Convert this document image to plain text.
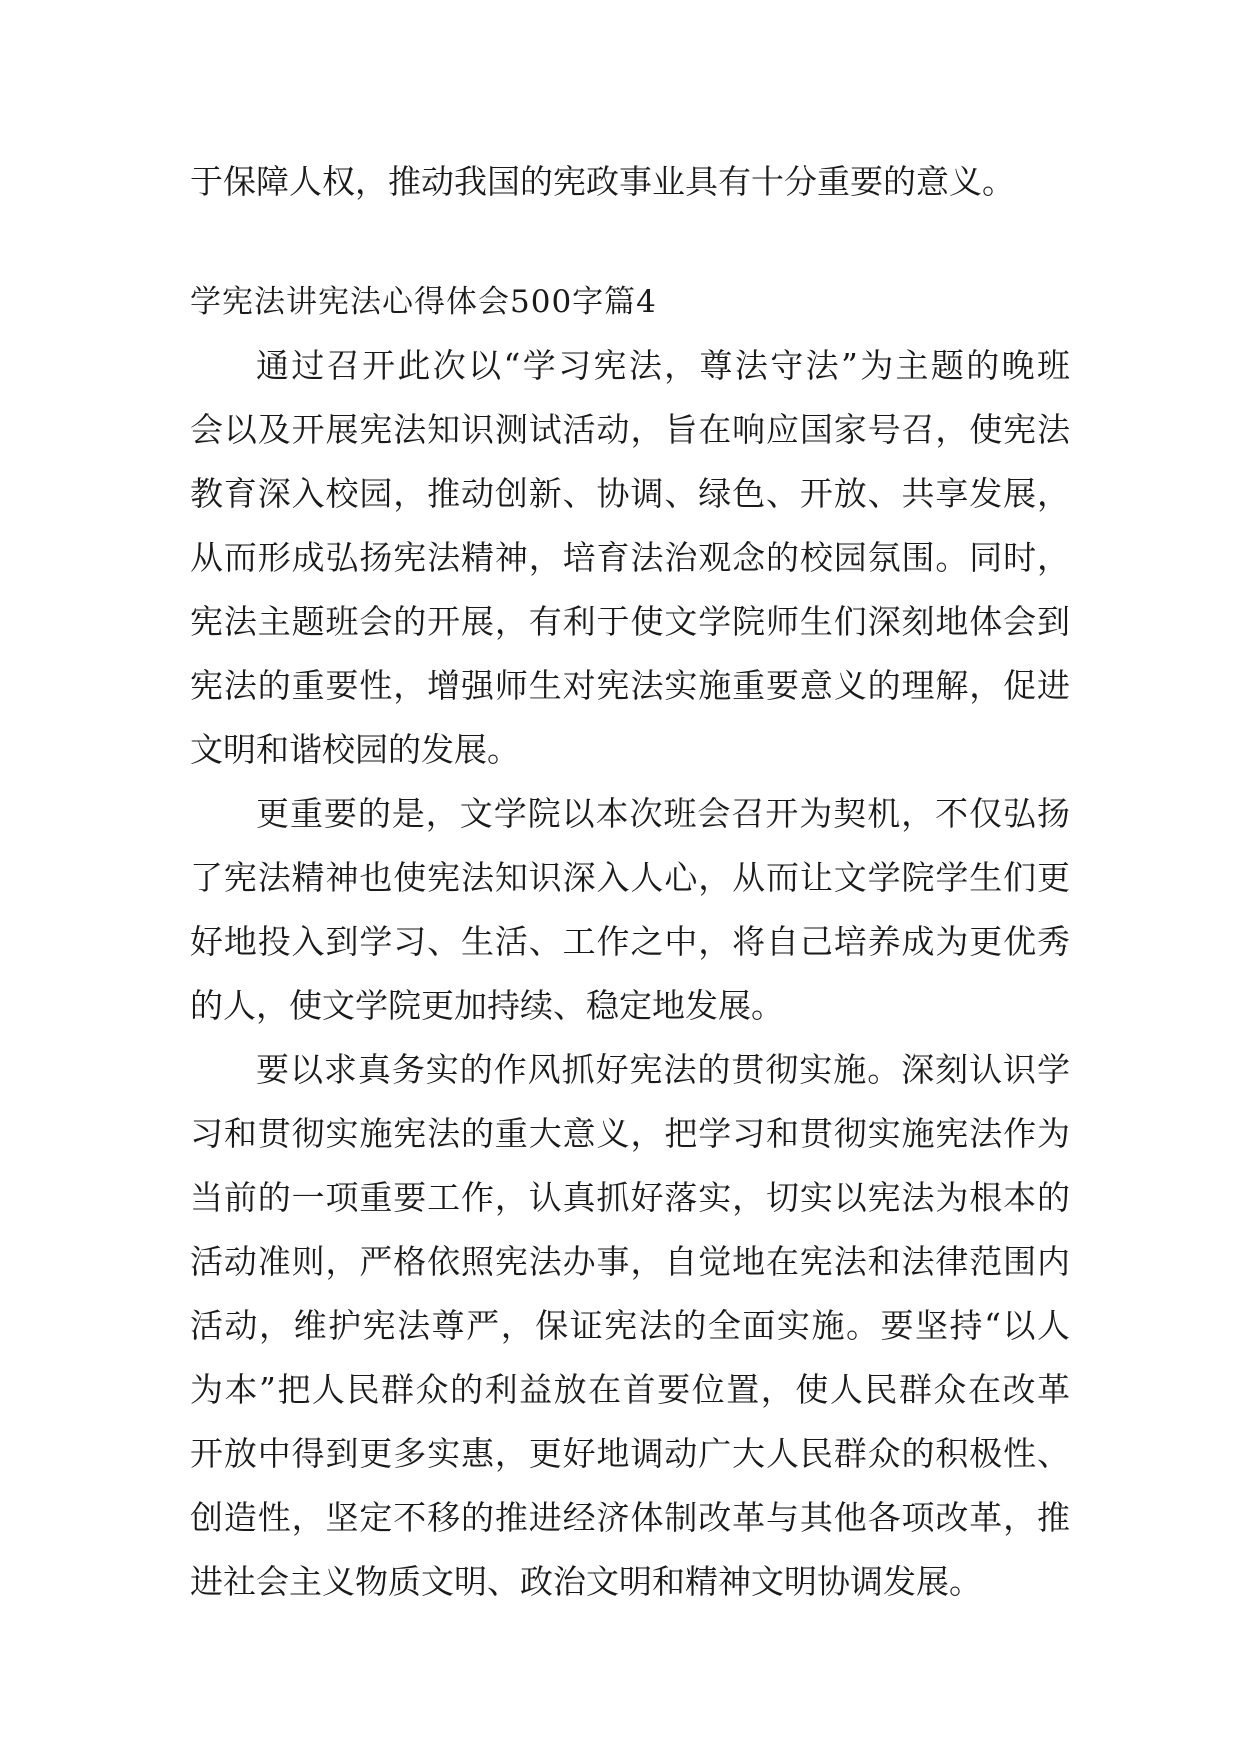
于保障人权，推动我国的宪政事业具有十分重要的意义。

学宪法讲宪法心得体会500字篇4

通过召开此次以“学习宪法，尊法守法”为主题的晚班

会以及开展宪法知识测试活动，旨在响应国家号召，使宪法

教育深入校园，推动创新、协调、绿色、开放、共享发展，

从而形成弘扬宪法精神，培育法治观念的校园氛围。同时，

宪法主题班会的开展，有利于使文学院师生们深刻地体会到

宪法的重要性，增强师生对宪法实施重要意义的理解，促进

文明和谐校园的发展。

更重要的是，文学院以本次班会召开为契机，不仅弘扬

了宪法精神也使宪法知识深入人心，从而让文学院学生们更

好地投入到学习、生活、工作之中，将自己培养成为更优秀

的人，使文学院更加持续、稳定地发展。

要以求真务实的作风抓好宪法的贯彻实施。深刻认识学

习和贯彻实施宪法的重大意义，把学习和贯彻实施宪法作为

当前的一项重要工作，认真抓好落实，切实以宪法为根本的

活动准则，严格依照宪法办事，自觉地在宪法和法律范围内

活动，维护宪法尊严，保证宪法的全面实施。要坚持“以人

为本”把人民群众的利益放在首要位置，使人民群众在改革

开放中得到更多实惠，更好地调动广大人民群众的积极性、

创造性，坚定不移的推进经济体制改革与其他各项改革，推

进社会主义物质文明、政治文明和精神文明协调发展。
